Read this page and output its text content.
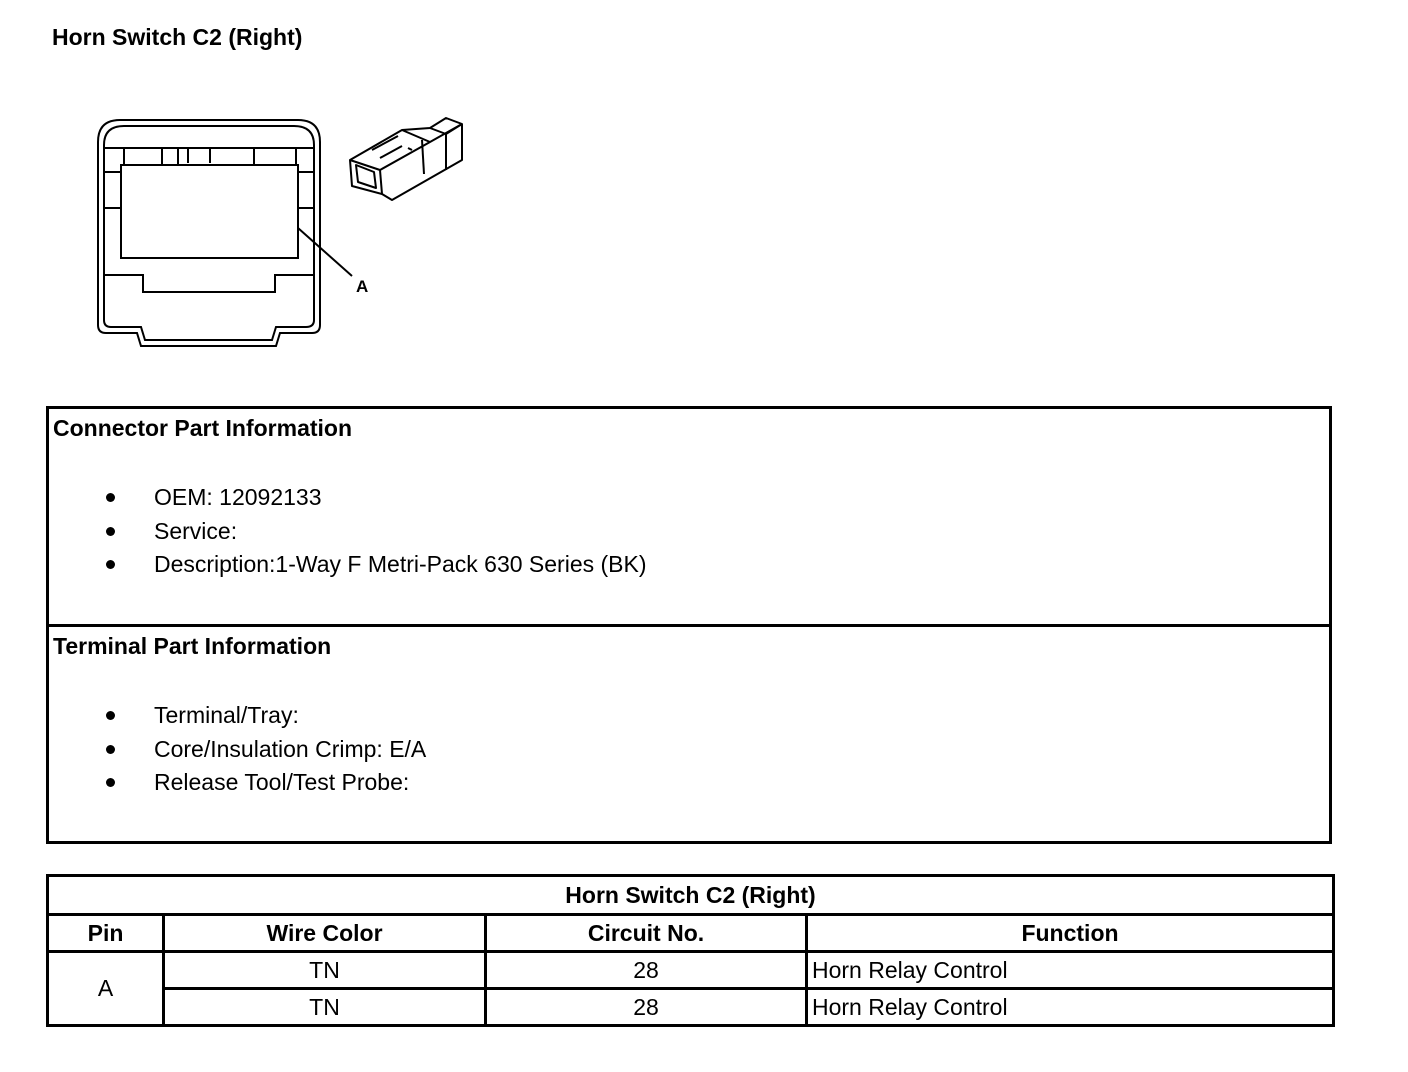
Horn Switch C2 (Right)
A
Connector Part Information
OEM: 12092133
Service:
Description:1-Way F Metri-Pack 630 Series (BK)
Terminal Part Information
Terminal/Tray:
Core/Insulation Crimp: E/A
Release Tool/Test Probe:
Horn Switch C2 (Right)			
Pin	Wire Color	Circuit No.	Function
A	TN	28	Horn Relay Control
	TN	28	Horn Relay Control
